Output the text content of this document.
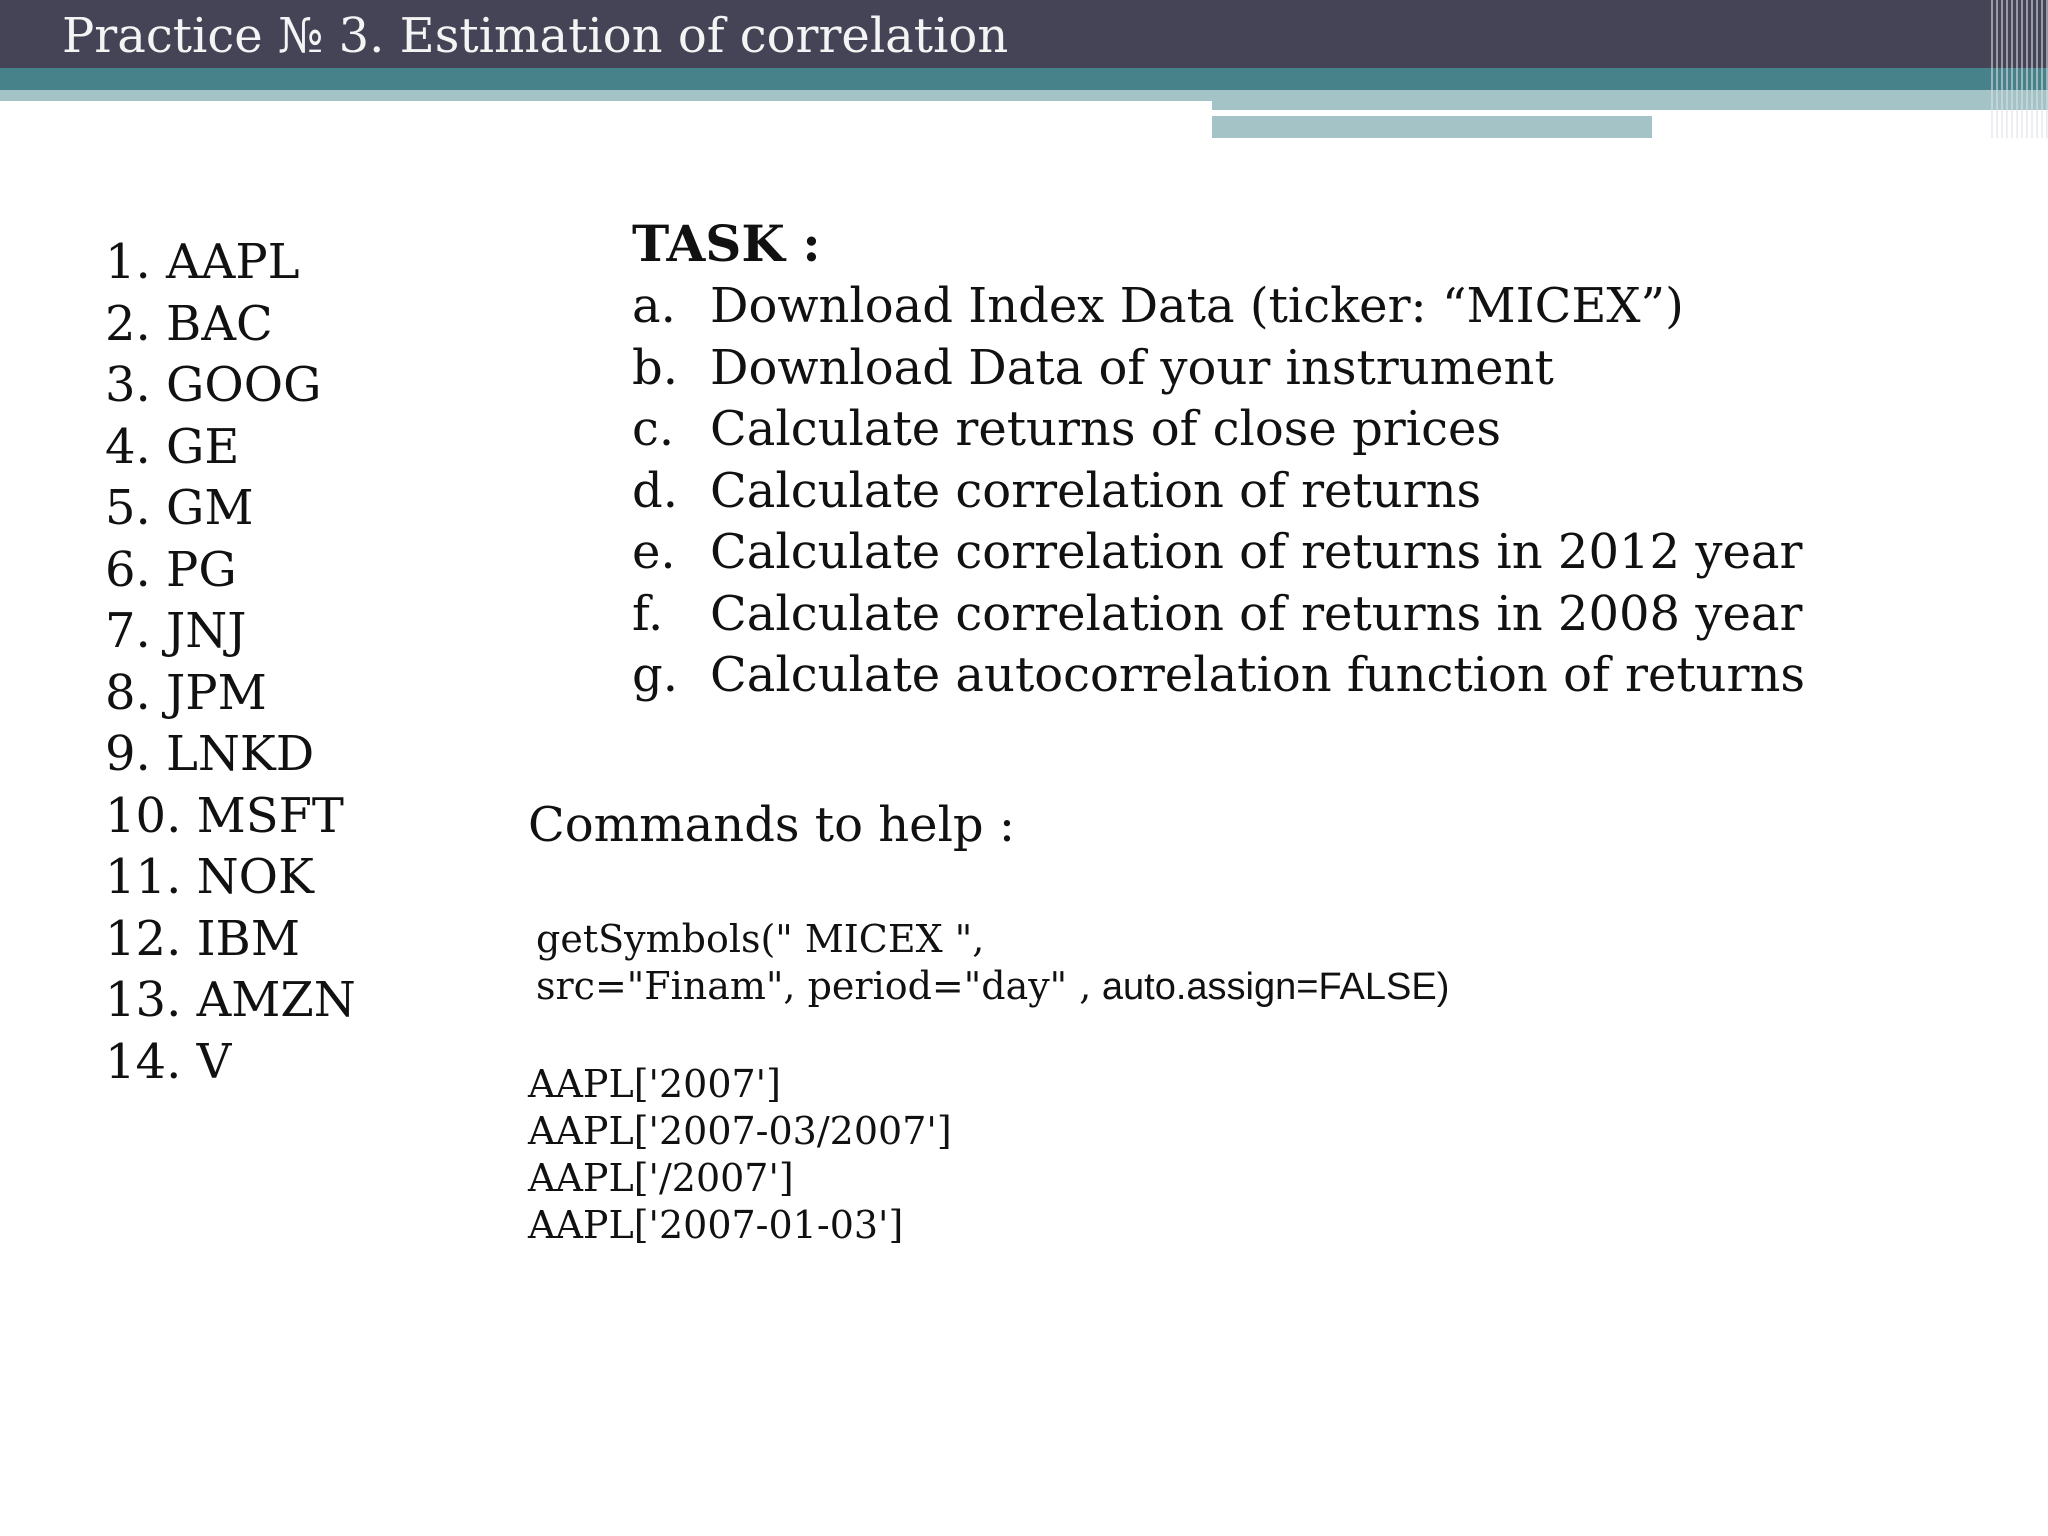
Practice № 3. Estimation of correlation
1. AAPL
2. BAC
3. GOOG
4. GE
5. GM
6. PG
7. JNJ
8. JPM
9. LNKD
10. MSFT
11. NOK
12. IBM
13. AMZN
14. V
TASK :
a. Download Index Data (ticker: “MICEX”)
b. Download Data of your instrument
c. Calculate returns of close prices
d. Calculate correlation of returns
e. Calculate correlation of returns in 2012 year
f. Calculate correlation of returns in 2008 year
g. Calculate autocorrelation function of returns
Commands to help :
getSymbols(" MICEX ",
src="Finam", period="day" , auto.assign=FALSE)
AAPL['2007']
AAPL['2007-03/2007']
AAPL['/2007']
AAPL['2007-01-03']
